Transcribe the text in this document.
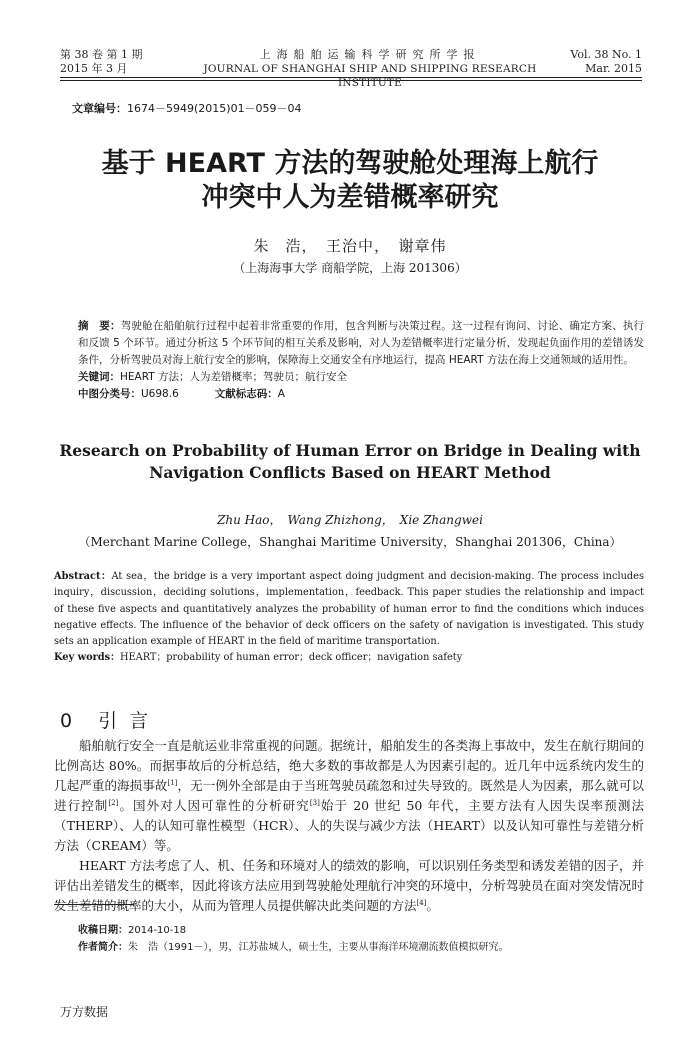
第 38 卷 第 1 期
2015 年 3 月
上海船舶运输科学研究所学报
JOURNAL OF SHANGHAI SHIP AND SHIPPING RESEARCH INSTITUTE
Vol. 38 No. 1
Mar. 2015
文章编号：1674－5949(2015)01－059－04
基于 HEART 方法的驾驶舱处理海上航行
冲突中人为差错概率研究
朱　浩，　王治中，　谢章伟
（上海海事大学 商船学院，上海 201306）

摘　要：驾驶舱在船舶航行过程中起着非常重要的作用，包含判断与决策过程。这一过程有询问、讨论、确定方案、执行和反馈 5 个环节。通过分析这 5 个环节间的相互关系及影响，对人为差错概率进行定量分析，发现起负面作用的差错诱发条件，分析驾驶员对海上航行安全的影响，保障海上交通安全有序地运行，提高 HEART 方法在海上交通领域的适用性。

关键词：HEART 方法；人为差错概率；驾驶员；航行安全

中图分类号：U698.6	文献标志码：A

Research on Probability of Human Error on Bridge in Dealing with
Navigation Conflicts Based on HEART Method
Zhu Hao，　Wang Zhizhong，　Xie Zhangwei
（Merchant Marine College，Shanghai Maritime University，Shanghai 201306，China）

Abstract：At sea，the bridge is a very important aspect doing judgment and decision-making. The process includes inquiry，discussion，deciding solutions，implementation，feedback. This paper studies the relationship and impact of these five aspects and quantitatively analyzes the probability of human error to find the conditions which induces negative effects. The influence of the behavior of deck officers on the safety of navigation is investigated. This study sets an application example of HEART in the field of maritime transportation.

Key words：HEART；probability of human error；deck officer；navigation safety

0 引言

船舶航行安全一直是航运业非常重视的问题。据统计，船舶发生的各类海上事故中，发生在航行期间的比例高达 80%。而据事故后的分析总结，绝大多数的事故都是人为因素引起的。近几年中远系统内发生的几起严重的海损事故[1]，无一例外全部是由于当班驾驶员疏忽和过失导致的。既然是人为因素，那么就可以进行控制[2]。国外对人因可靠性的分析研究[3]始于 20 世纪 50 年代，主要方法有人因失误率预测法（THERP）、人的认知可靠性模型（HCR）、人的失误与减少方法（HEART）以及认知可靠性与差错分析方法（CREAM）等。

HEART 方法考虑了人、机、任务和环境对人的绩效的影响，可以识别任务类型和诱发差错的因子，并评估出差错发生的概率，因此将该方法应用到驾驶舱处理航行冲突的环境中，分析驾驶员在面对突发情况时发生差错的概率的大小，从而为管理人员提供解决此类问题的方法[4]。

收稿日期：2014-10-18

作者简介：朱　浩（1991－），男，江苏盐城人，硕士生，主要从事海洋环境潮流数值模拟研究。

万方数据
